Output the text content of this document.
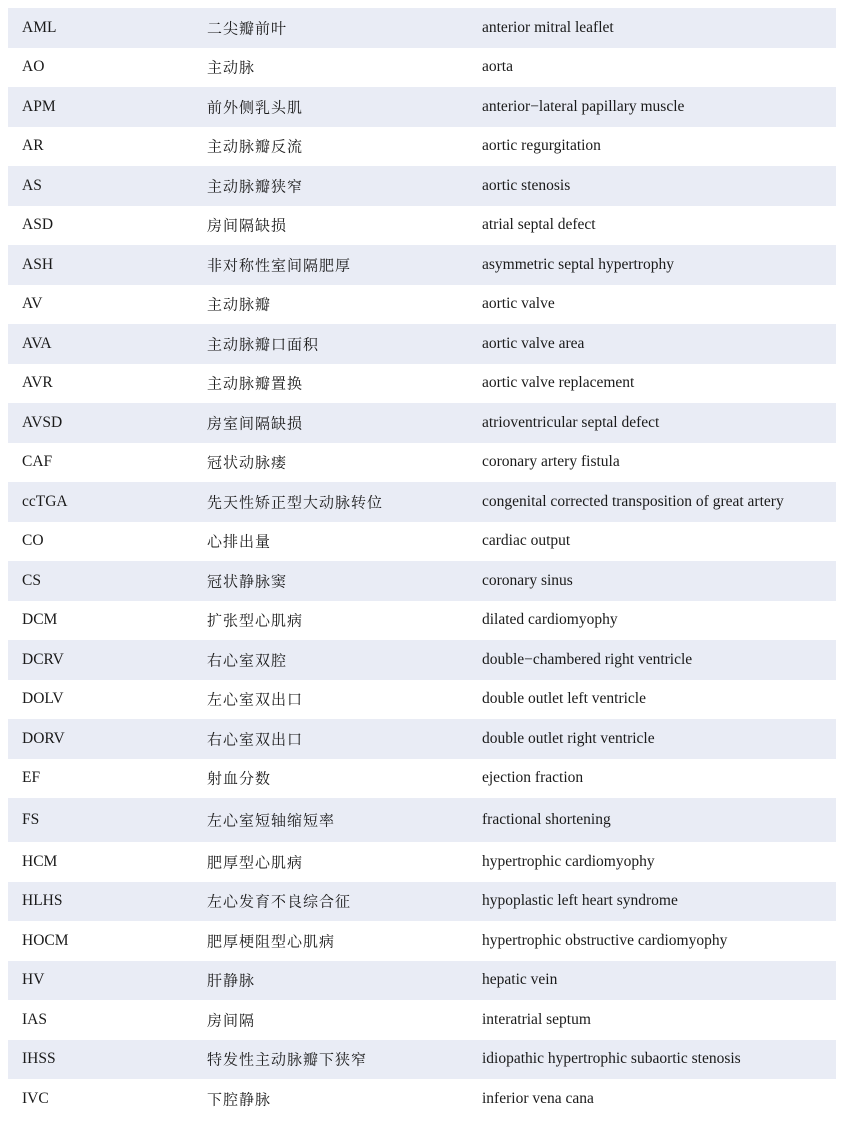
AML	二尖瓣前叶	anterior mitral leaflet
AO	主动脉	aorta
APM	前外侧乳头肌	anterior−lateral papillary muscle
AR	主动脉瓣反流	aortic regurgitation
AS	主动脉瓣狭窄	aortic stenosis
ASD	房间隔缺损	atrial septal defect
ASH	非对称性室间隔肥厚	asymmetric septal hypertrophy
AV	主动脉瓣	aortic valve
AVA	主动脉瓣口面积	aortic valve area
AVR	主动脉瓣置换	aortic valve replacement
AVSD	房室间隔缺损	atrioventricular septal defect
CAF	冠状动脉瘘	coronary artery fistula
ccTGA	先天性矫正型大动脉转位	congenital corrected transposition of great artery
CO	心排出量	cardiac output
CS	冠状静脉窦	coronary sinus
DCM	扩张型心肌病	dilated cardiomyophy
DCRV	右心室双腔	double−chambered right ventricle
DOLV	左心室双出口	double outlet left ventricle
DORV	右心室双出口	double outlet right ventricle
EF	射血分数	ejection fraction
FS	左心室短轴缩短率	fractional shortening
HCM	肥厚型心肌病	hypertrophic cardiomyophy
HLHS	左心发育不良综合征	hypoplastic left heart syndrome
HOCM	肥厚梗阻型心肌病	hypertrophic obstructive cardiomyophy
HV	肝静脉	hepatic vein
IAS	房间隔	interatrial septum
IHSS	特发性主动脉瓣下狭窄	idiopathic hypertrophic subaortic stenosis
IVC	下腔静脉	inferior vena cana
